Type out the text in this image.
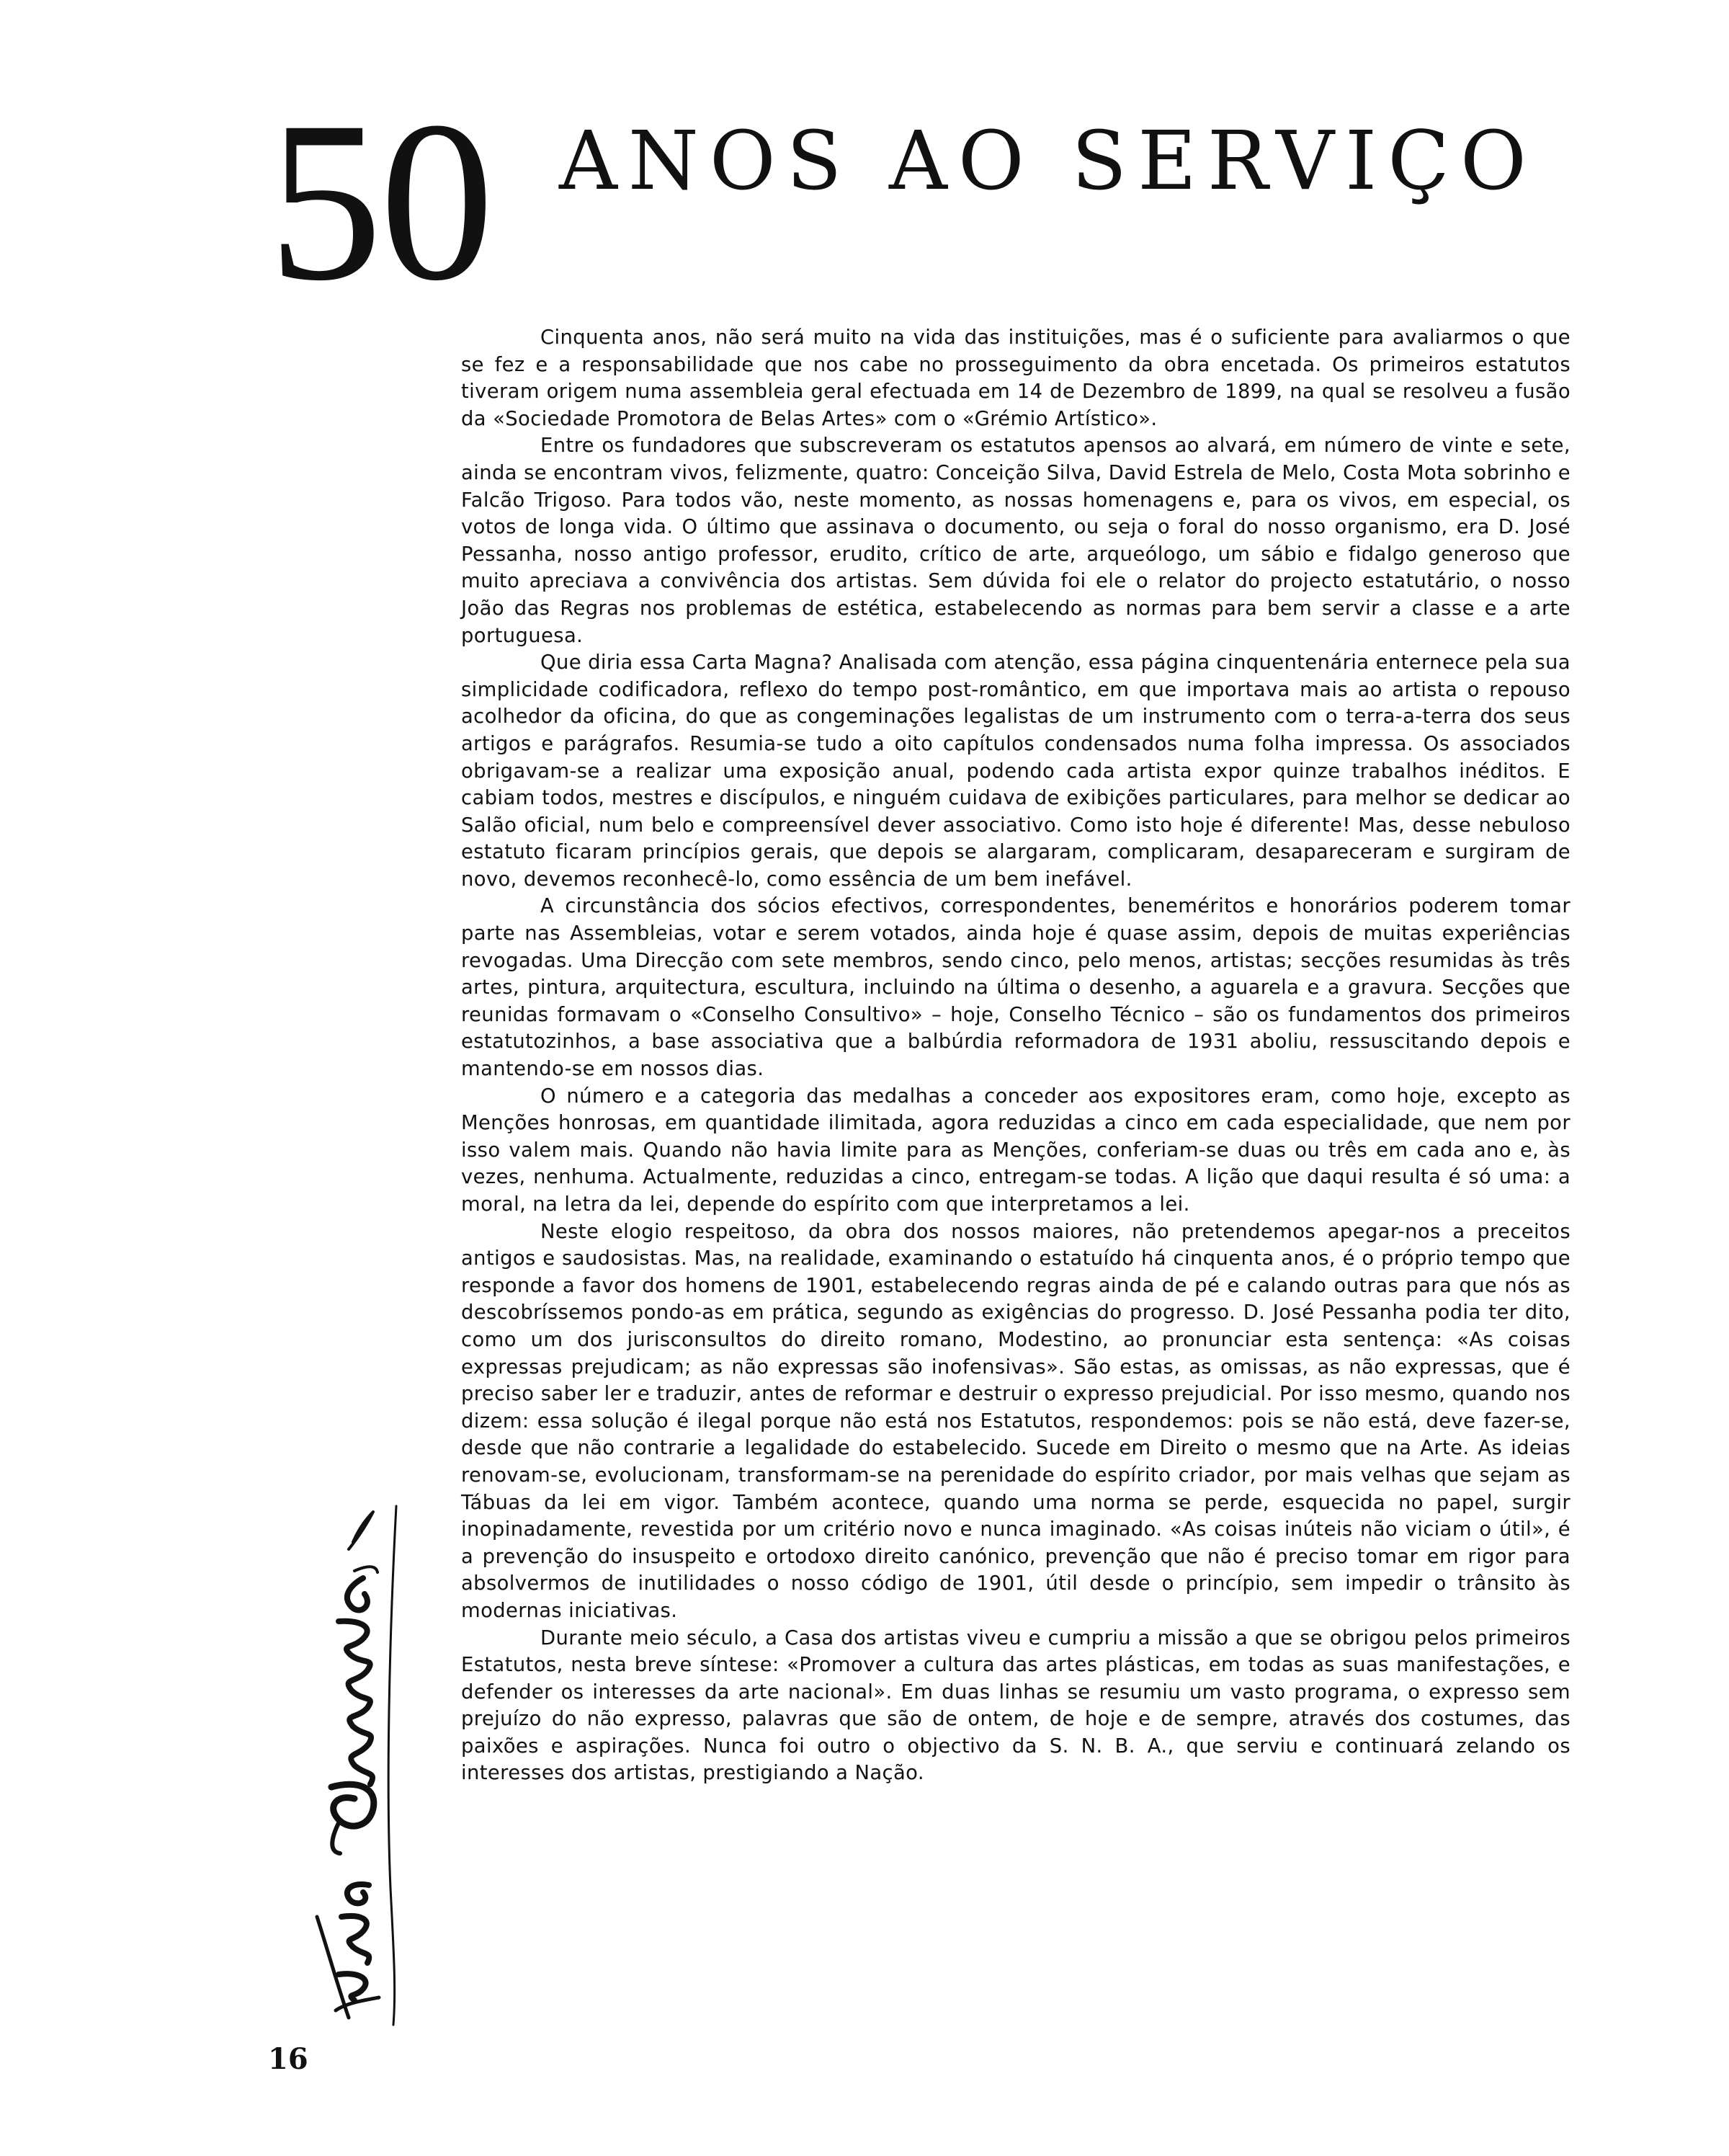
50 ANOS AO SERVIÇO

Cinquenta anos, não será muito na vida das instituições, mas é o suficiente para avaliarmos o que se fez e a responsabilidade que nos cabe no prosseguimento da obra encetada. Os primeiros estatutos tiveram origem numa assembleia geral efectuada em 14 de Dezembro de 1899, na qual se resolveu a fusão da «Sociedade Promotora de Belas Artes» com o «Grémio Artístico».

Entre os fundadores que subscreveram os estatutos apensos ao alvará, em número de vinte e sete, ainda se encontram vivos, felizmente, quatro: Conceição Silva, David Estrela de Melo, Costa Mota sobrinho e Falcão Trigoso. Para todos vão, neste momento, as nossas homenagens e, para os vivos, em especial, os votos de longa vida. O último que assinava o documento, ou seja o foral do nosso organismo, era D. José Pessanha, nosso antigo professor, erudito, crítico de arte, arqueólogo, um sábio e fidalgo generoso que muito apreciava a convivência dos artistas. Sem dúvida foi ele o relator do projecto estatutário, o nosso João das Regras nos problemas de estética, estabelecendo as normas para bem servir a classe e a arte portuguesa.

Que diria essa Carta Magna? Analisada com atenção, essa página cinquentenária enternece pela sua simplicidade codificadora, reflexo do tempo post-romântico, em que importava mais ao artista o repouso acolhedor da oficina, do que as congeminações legalistas de um instrumento com o terra-a-terra dos seus artigos e parágrafos. Resumia-se tudo a oito capítulos condensados numa folha impressa. Os associados obrigavam-se a realizar uma exposição anual, podendo cada artista expor quinze trabalhos inéditos. E cabiam todos, mestres e discípulos, e ninguém cuidava de exibições particulares, para melhor se dedicar ao Salão oficial, num belo e compreensível dever associativo. Como isto hoje é diferente! Mas, desse nebuloso estatuto ficaram princípios gerais, que depois se alargaram, complicaram, desapareceram e surgiram de novo, devemos reconhecê-lo, como essência de um bem inefável.

A circunstância dos sócios efectivos, correspondentes, beneméritos e honorários poderem tomar parte nas Assembleias, votar e serem votados, ainda hoje é quase assim, depois de muitas experiências revogadas. Uma Direcção com sete membros, sendo cinco, pelo menos, artistas; secções resumidas às três artes, pintura, arquitectura, escultura, incluindo na última o desenho, a aguarela e a gravura. Secções que reunidas formavam o «Conselho Consultivo» – hoje, Conselho Técnico – são os fundamentos dos primeiros estatutozinhos, a base associativa que a balbúrdia reformadora de 1931 aboliu, ressuscitando depois e mantendo-se em nossos dias.

O número e a categoria das medalhas a conceder aos expositores eram, como hoje, excepto as Menções honrosas, em quantidade ilimitada, agora reduzidas a cinco em cada especialidade, que nem por isso valem mais. Quando não havia limite para as Menções, conferiam-se duas ou três em cada ano e, às vezes, nenhuma. Actualmente, reduzidas a cinco, entregam-se todas. A lição que daqui resulta é só uma: a moral, na letra da lei, depende do espírito com que interpretamos a lei.

Neste elogio respeitoso, da obra dos nossos maiores, não pretendemos apegar-nos a preceitos antigos e saudosistas. Mas, na realidade, examinando o estatuído há cinquenta anos, é o próprio tempo que responde a favor dos homens de 1901, estabelecendo regras ainda de pé e calando outras para que nós as descobríssemos pondo-as em prática, segundo as exigências do progresso. D. José Pessanha podia ter dito, como um dos jurisconsultos do direito romano, Modestino, ao pronunciar esta sentença: «As coisas expressas prejudicam; as não expressas são inofensivas». São estas, as omissas, as não expressas, que é preciso saber ler e traduzir, antes de reformar e destruir o expresso prejudicial. Por isso mesmo, quando nos dizem: essa solução é ilegal porque não está nos Estatutos, respondemos: pois se não está, deve fazer-se, desde que não contrarie a legalidade do estabelecido. Sucede em Direito o mesmo que na Arte. As ideias renovam-se, evolucionam, transformam-se na perenidade do espírito criador, por mais velhas que sejam as Tábuas da lei em vigor. Também acontece, quando uma norma se perde, esquecida no papel, surgir inopinadamente, revestida por um critério novo e nunca imaginado. «As coisas inúteis não viciam o útil», é a prevenção do insuspeito e ortodoxo direito canónico, prevenção que não é preciso tomar em rigor para absolvermos de inutilidades o nosso código de 1901, útil desde o princípio, sem impedir o trânsito às modernas iniciativas.

Durante meio século, a Casa dos artistas viveu e cumpriu a missão a que se obrigou pelos primeiros Estatutos, nesta breve síntese: «Promover a cultura das artes plásticas, em todas as suas manifestações, e defender os interesses da arte nacional». Em duas linhas se resumiu um vasto programa, o expresso sem prejuízo do não expresso, palavras que são de ontem, de hoje e de sempre, através dos costumes, das paixões e aspirações. Nunca foi outro o objectivo da S. N. B. A., que serviu e continuará zelando os interesses dos artistas, prestigiando a Nação.

16
